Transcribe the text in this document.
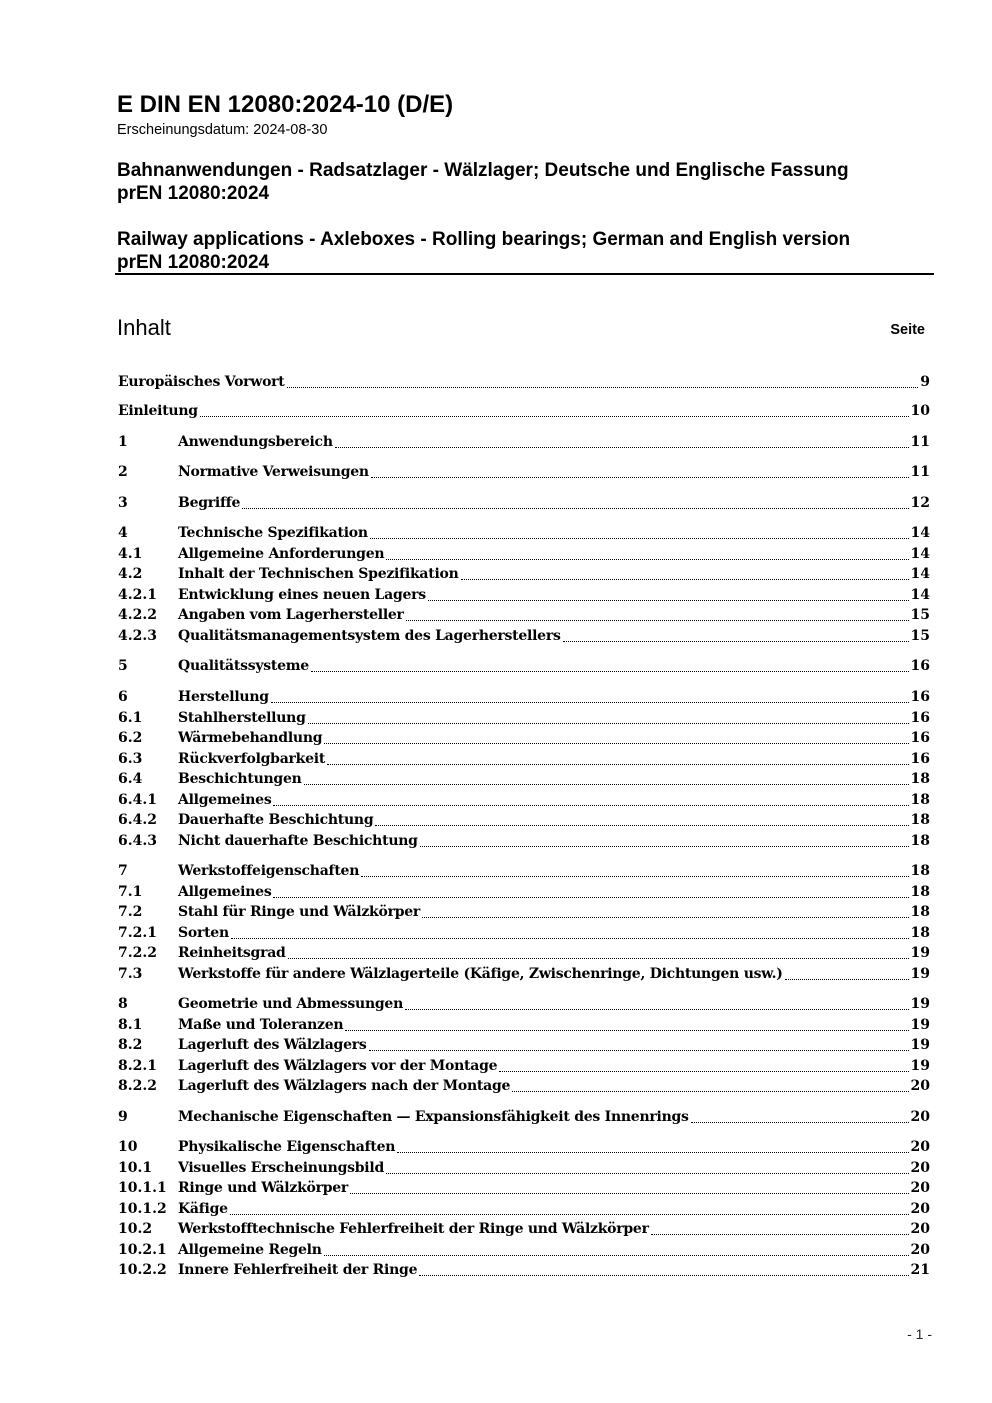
E DIN EN 12080:2024-10 (D/E)
Erscheinungsdatum: 2024-08-30
Bahnanwendungen - Radsatzlager - Wälzlager; Deutsche und Englische Fassung
prEN 12080:2024
Railway applications - Axleboxes - Rolling bearings; German and English version
prEN 12080:2024
Inhalt	Seite
Europäisches Vorwort	9
Einleitung	10
1	Anwendungsbereich	11
2	Normative Verweisungen	11
3	Begriffe	12
4	Technische Spezifikation	14
4.1	Allgemeine Anforderungen	14
4.2	Inhalt der Technischen Spezifikation	14
4.2.1	Entwicklung eines neuen Lagers	14
4.2.2	Angaben vom Lagerhersteller	15
4.2.3	Qualitätsmanagementsystem des Lagerherstellers	15
5	Qualitätssysteme	16
6	Herstellung	16
6.1	Stahlherstellung	16
6.2	Wärmebehandlung	16
6.3	Rückverfolgbarkeit	16
6.4	Beschichtungen	18
6.4.1	Allgemeines	18
6.4.2	Dauerhafte Beschichtung	18
6.4.3	Nicht dauerhafte Beschichtung	18
7	Werkstoffeigenschaften	18
7.1	Allgemeines	18
7.2	Stahl für Ringe und Wälzkörper	18
7.2.1	Sorten	18
7.2.2	Reinheitsgrad	19
7.3	Werkstoffe für andere Wälzlagerteile (Käfige, Zwischenringe, Dichtungen usw.)	19
8	Geometrie und Abmessungen	19
8.1	Maße und Toleranzen	19
8.2	Lagerluft des Wälzlagers	19
8.2.1	Lagerluft des Wälzlagers vor der Montage	19
8.2.2	Lagerluft des Wälzlagers nach der Montage	20
9	Mechanische Eigenschaften — Expansionsfähigkeit des Innenrings	20
10	Physikalische Eigenschaften	20
10.1	Visuelles Erscheinungsbild	20
10.1.1 Ringe und Wälzkörper	20
10.1.2 Käfige	20
10.2	Werkstofftechnische Fehlerfreiheit der Ringe und Wälzkörper	20
10.2.1 Allgemeine Regeln	20
10.2.2 Innere Fehlerfreiheit der Ringe	21
- 1 -
